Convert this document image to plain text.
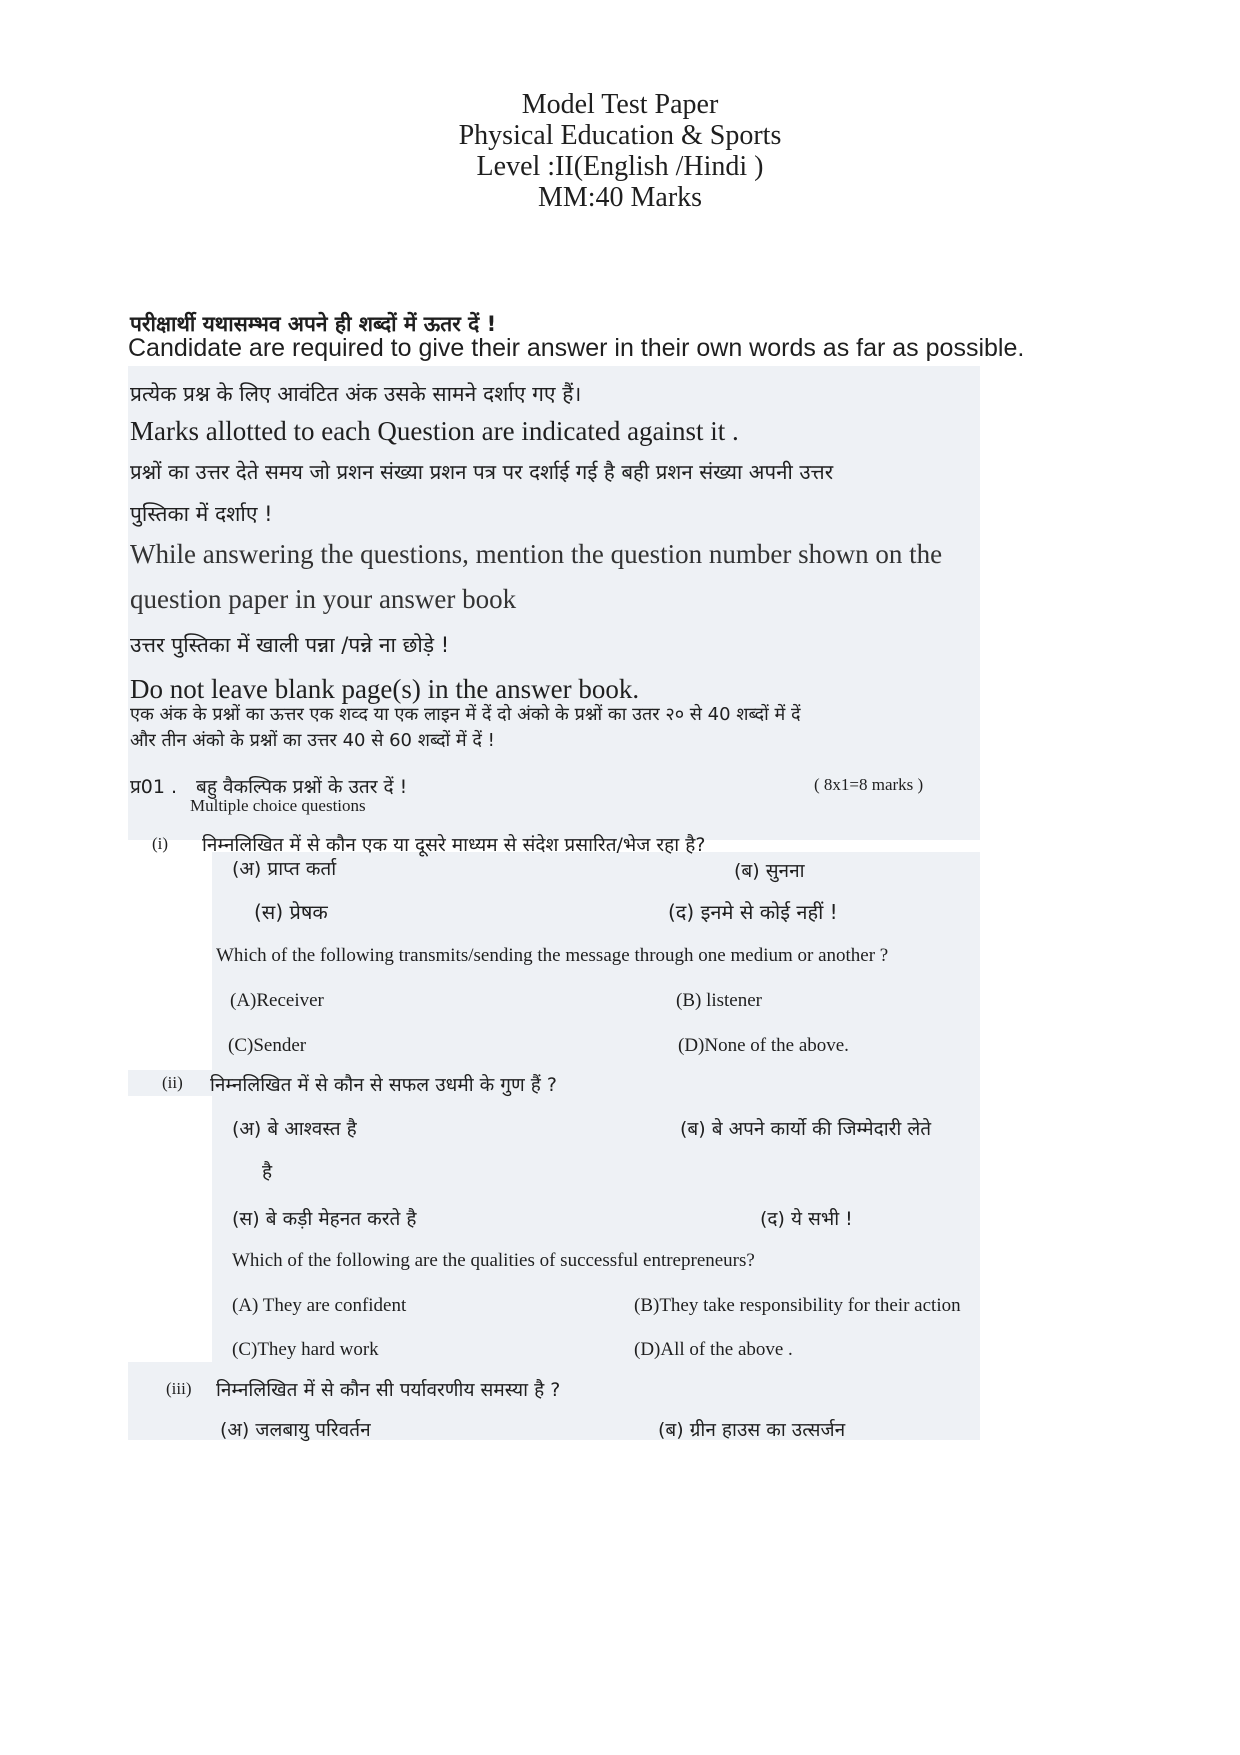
Model Test Paper
Physical Education & Sports
Level :II(English /Hindi )
MM:40 Marks
परीक्षार्थी यथासम्भव अपने ही शब्दों में ऊतर दें !
Candidate are required to give their answer in their own words as far as possible.
प्रत्येक प्रश्न के लिए आवंटित अंक उसके सामने दर्शाए गए हैं।
Marks allotted to each Question are indicated against it .
प्रश्नों का उत्तर देते समय जो प्रशन संख्या प्रशन पत्र पर दर्शाई गई है बही प्रशन संख्या अपनी उत्तर
पुस्तिका में दर्शाए !
While answering the questions, mention the question number shown on the
question paper in your answer book
उत्तर पुस्तिका में खाली पन्ना /पन्ने ना छोड़े !
Do not leave blank page(s) in the answer book.
एक अंक के प्रश्नों का ऊत्तर एक शव्द या एक लाइन में दें दो अंको के प्रश्नों का उतर २० से 40 शब्दों में दें
और तीन अंको के प्रश्नों का उत्तर 40 से 60 शब्दों में दें !
प्र01 . बहु वैकल्पिक प्रश्नों के उतर दें !	( 8x1=8 marks )
Multiple choice questions
(i) निम्नलिखित में से कौन एक या दूसरे माध्यम से संदेश प्रसारित/भेज रहा है?
(अ) प्राप्त कर्ता	(ब) सुनना
(स) प्रेषक	(द) इनमे से कोई नहीं !
Which of the following transmits/sending the message through one medium or another ?
(A)Receiver	(B) listener
(C)Sender	(D)None of the above.
(ii) निम्नलिखित में से कौन से सफल उधमी के गुण हैं ?
(अ) बे आश्वस्त है	(ब) बे अपने कार्यो की जिम्मेदारी लेते
है
(स) बे कड़ी मेहनत करते है	(द) ये सभी !
Which of the following are the qualities of successful entrepreneurs?
(A) They are confident	(B)They take responsibility for their action
(C)They hard work	(D)All of the above .
(iii) निम्नलिखित में से कौन सी पर्यावरणीय समस्या है ?
(अ) जलबायु परिवर्तन	(ब) ग्रीन हाउस का उत्सर्जन
